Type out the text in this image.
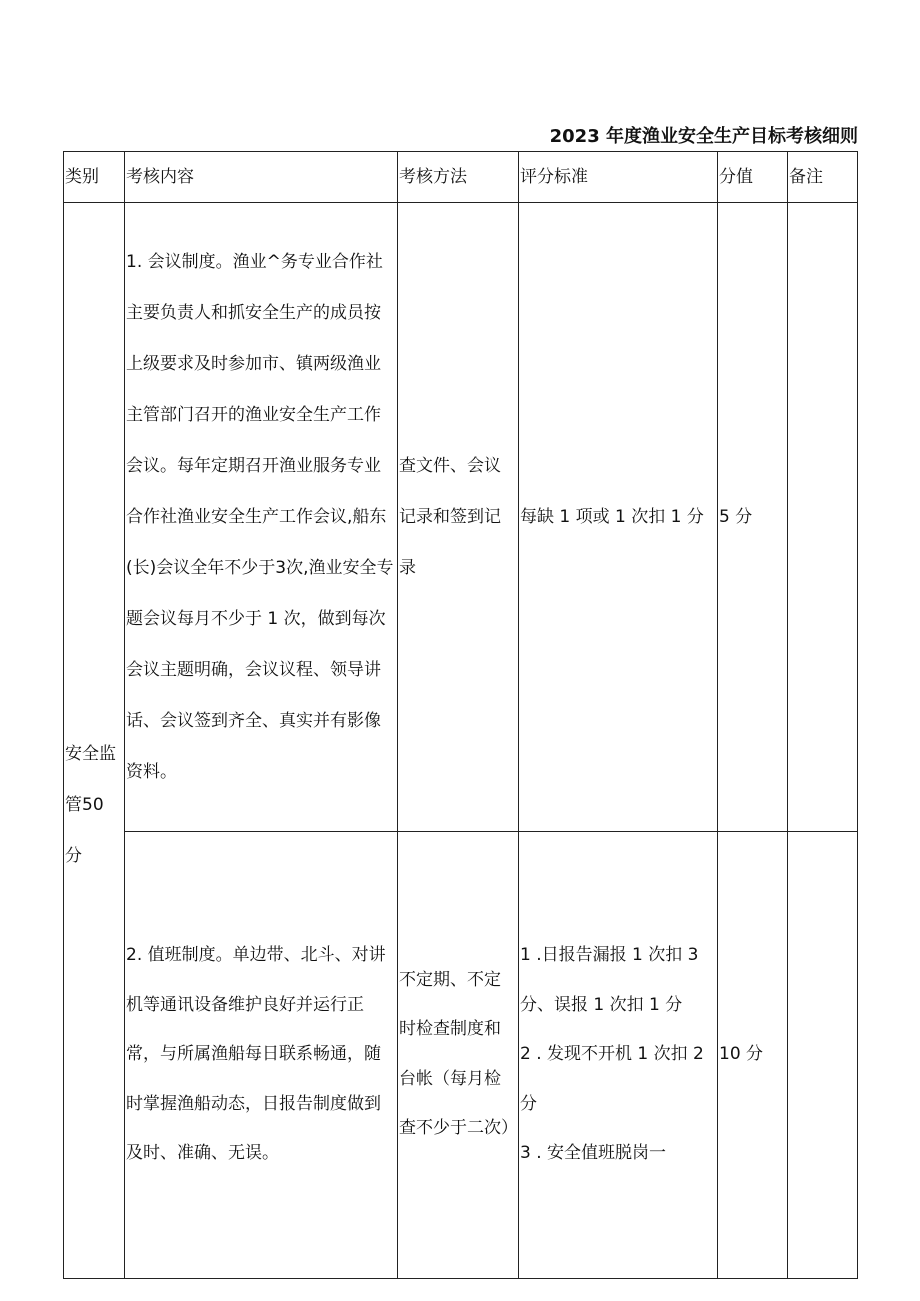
2023 年度渔业安全生产目标考核细则
类别	考核内容	考核方法	评分标准	分值	备注

安全监管50 分	1. 会议制度。渔业^务专业合作社主要负责人和抓安全生产的成员按上级要求及时参加市、镇两级渔业主管部门召开的渔业安全生产工作会议。每年定期召开渔业服务专业合作社渔业安全生产工作会议,船东(长)会议全年不少于3次,渔业安全专题会议每月不少于 1 次，做到每次会议主题明确，会议议程、领导讲话、会议签到齐全、真实并有影像资料。	查文件、会议记录和签到记录	每缺 1 项或 1 次扣 1 分	5 分	

	2. 值班制度。单边带、北斗、对讲机等通讯设备维护良好并运行正常，与所属渔船每日联系畅通，随时掌握渔船动态，日报告制度做到及时、准确、无误。	不定期、不定时检查制度和台帐（每月检查不少于二次）	1 .日报告漏报 1 次扣 3 分、误报 1 次扣 1 分
2 . 发现不开机 1 次扣 2 分
3 . 安全值班脱岗一	10 分	
